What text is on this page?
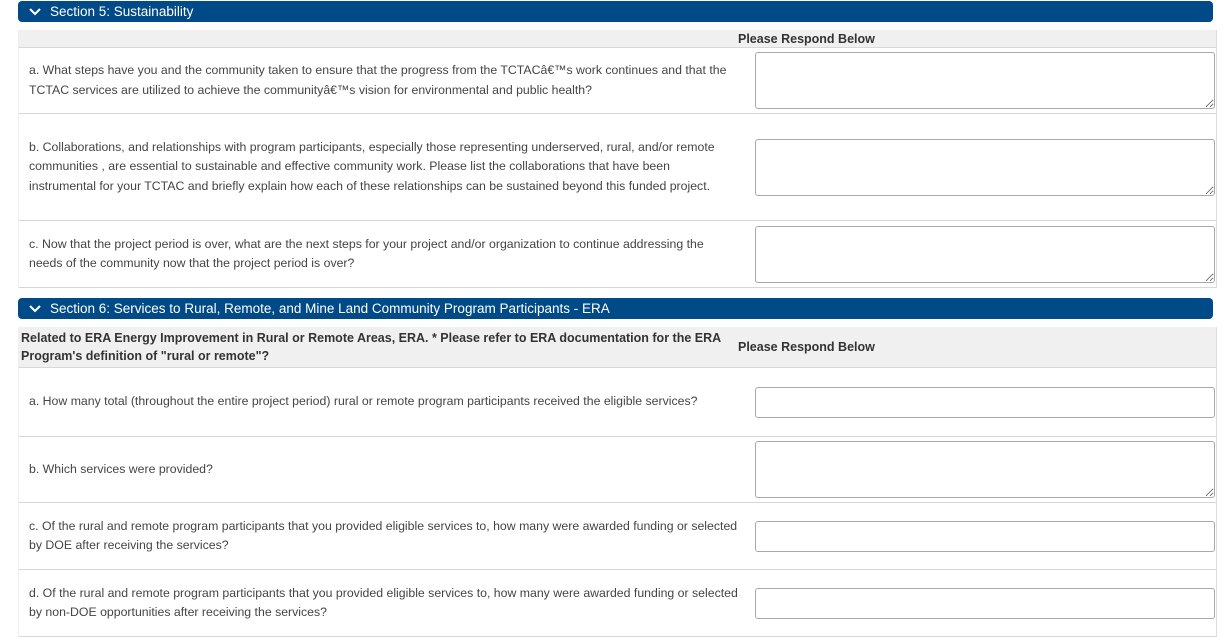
Section 5: Sustainability
Please Respond Below
a. What steps have you and the community taken to ensure that the progress from the TCTACâ€™s work continues and that the TCTAC services are utilized to achieve the communityâ€™s vision for environmental and public health?
b. Collaborations, and relationships with program participants, especially those representing underserved, rural, and/or remote communities , are essential to sustainable and effective community work. Please list the collaborations that have been instrumental for your TCTAC and briefly explain how each of these relationships can be sustained beyond this funded project.
c. Now that the project period is over, what are the next steps for your project and/or organization to continue addressing the needs of the community now that the project period is over?
Section 6: Services to Rural, Remote, and Mine Land Community Program Participants - ERA
Related to ERA Energy Improvement in Rural or Remote Areas, ERA. * Please refer to ERA documentation for the ERA Program's definition of "rural or remote"?
Please Respond Below
a. How many total (throughout the entire project period) rural or remote program participants received the eligible services?
b. Which services were provided?
c. Of the rural and remote program participants that you provided eligible services to, how many were awarded funding or selected by DOE after receiving the services?
d. Of the rural and remote program participants that you provided eligible services to, how many were awarded funding or selected by non-DOE opportunities after receiving the services?
